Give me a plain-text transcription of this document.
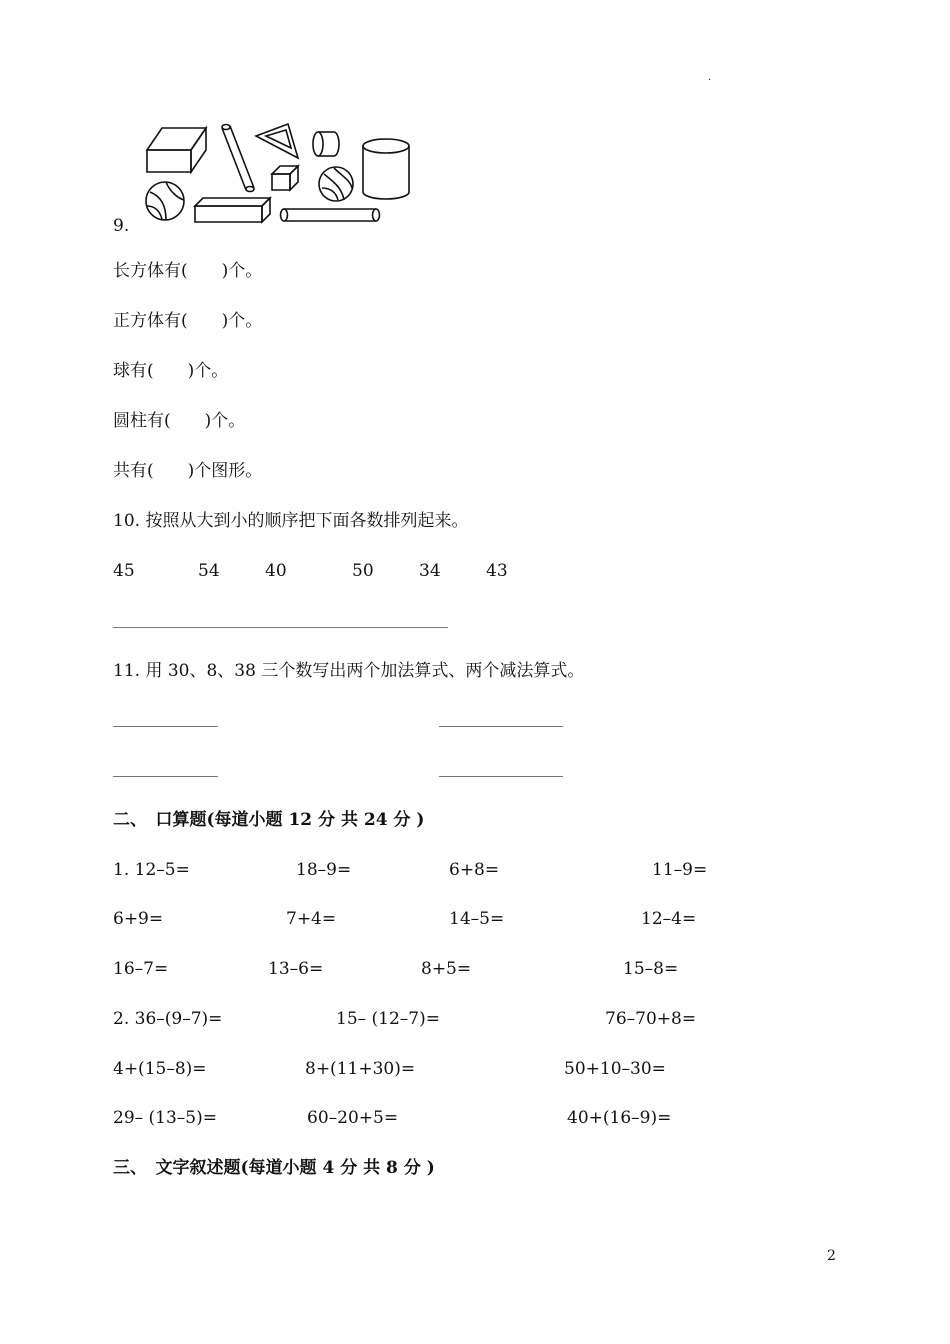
.
9.
长方体有(　　)个。
正方体有(　　)个。
球有(　　)个。
圆柱有(　　)个。
共有(　　)个图形。
10. 按照从大到小的顺序把下面各数排列起来。
45	54	40	50	34	43
11. 用 30、8、38 三个数写出两个加法算式、两个减法算式。
二、　口算题(每道小题 12 分 共 24 分 )
1. 12–5=	18–9=	6+8=	11–9=
6+9=	7+4=	14–5=	12–4=
16–7=	13–6=	8+5=	15–8=
2. 36–(9–7)=	15– (12–7)=	76–70+8=
4+(15–8)=	8+(11+30)=	50+10–30=
29– (13–5)=	60–20+5=	40+(16–9)=
三、　文字叙述题(每道小题 4 分 共 8 分 )
2
